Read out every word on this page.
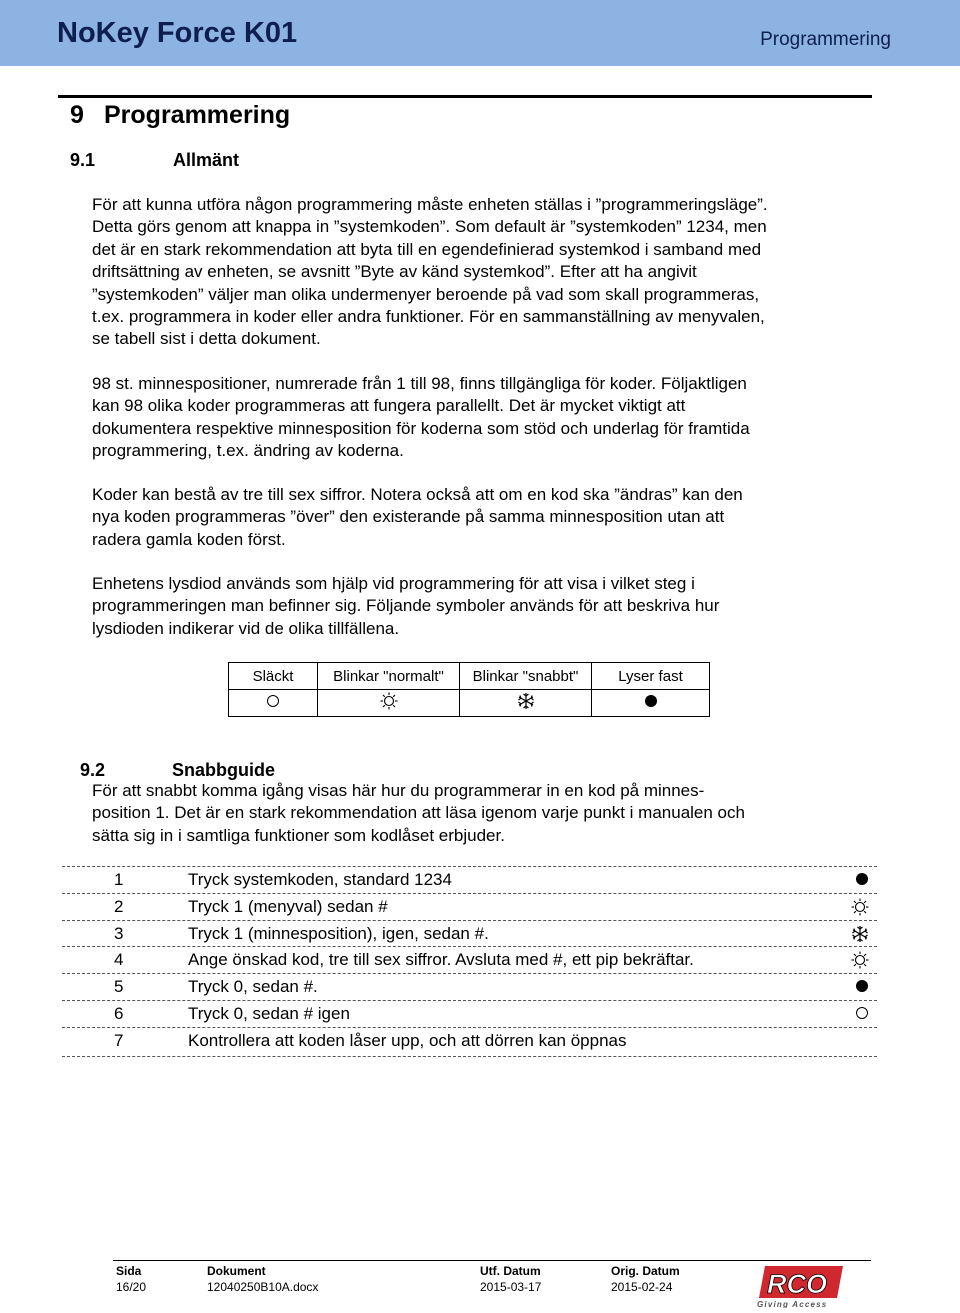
NoKey Force K01	Programmering
9 Programmering
9.1	Allmänt
För att kunna utföra någon programmering måste enheten ställas i ”programmeringsläge”.
Detta görs genom att knappa in ”systemkoden”. Som default är ”systemkoden” 1234, men
det är en stark rekommendation att byta till en egendefinierad systemkod i samband med
driftsättning av enheten, se avsnitt ”Byte av känd systemkod”. Efter att ha angivit
”systemkoden” väljer man olika undermenyer beroende på vad som skall programmeras,
t.ex. programmera in koder eller andra funktioner. För en sammanställning av menyvalen,
se tabell sist i detta dokument.
98 st. minnespositioner, numrerade från 1 till 98, finns tillgängliga för koder. Följaktligen
kan 98 olika koder programmeras att fungera parallellt. Det är mycket viktigt att
dokumentera respektive minnesposition för koderna som stöd och underlag för framtida
programmering, t.ex. ändring av koderna.
Koder kan bestå av tre till sex siffror. Notera också att om en kod ska ”ändras” kan den
nya koden programmeras ”över” den existerande på samma minnesposition utan att
radera gamla koden först.
Enhetens lysdiod används som hjälp vid programmering för att visa i vilket steg i
programmeringen man befinner sig. Följande symboler används för att beskriva hur
lysdioden indikerar vid de olika tillfällena.
Släckt	Blinkar "normalt"	Blinkar "snabbt"	Lyser fast

9.2	Snabbguide
För att snabbt komma igång visas här hur du programmerar in en kod på minnes-
position 1. Det är en stark rekommendation att läsa igenom varje punkt i manualen och
sätta sig in i samtliga funktioner som kodlåset erbjuder.
1	Tryck systemkoden, standard 1234
2	Tryck 1 (menyval) sedan #
3	Tryck 1 (minnesposition), igen, sedan #.
4	Ange önskad kod, tre till sex siffror. Avsluta med #, ett pip bekräftar.
5	Tryck 0, sedan #.
6	Tryck 0, sedan # igen
7	Kontrollera att koden låser upp, och att dörren kan öppnas
Sida
16/20
Dokument
12040250B10A.docx
Utf. Datum
2015-03-17
Orig. Datum
2015-02-24	RCO
Giving Access
